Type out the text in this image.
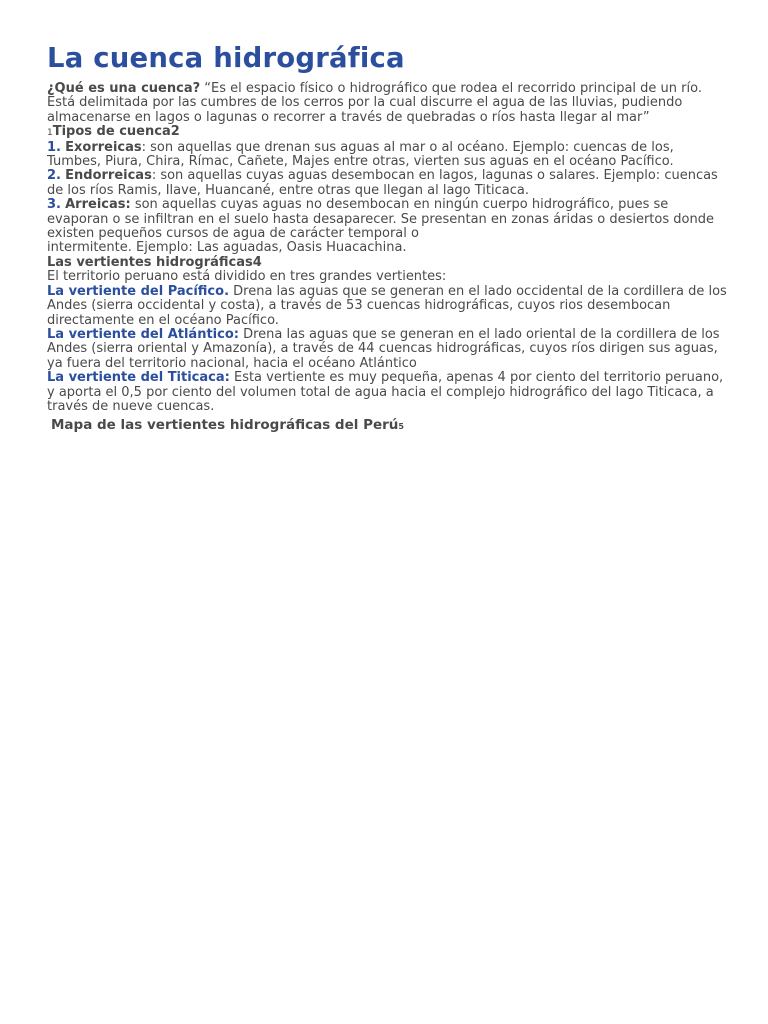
La cuenca hidrográfica

¿Qué es una cuenca? “Es el espacio físico o hidrográfico que rodea el recorrido principal de un río. Está delimitada por las cumbres de los cerros por la cual discurre el agua de las lluvias, pudiendo almacenarse en lagos o lagunas o recorrer a través de quebradas o ríos hasta llegar al mar”

1Tipos de cuenca2

1. Exorreicas: son aquellas que drenan sus aguas al mar o al océano. Ejemplo: cuencas de los, Tumbes, Piura, Chira, Rímac, Cañete, Majes entre otras, vierten sus aguas en el océano Pacífico.

2. Endorreicas: son aquellas cuyas aguas desembocan en lagos, lagunas o salares. Ejemplo: cuencas de los ríos Ramis, Ilave, Huancané, entre otras que llegan al lago Titicaca.

3. Arreicas: son aquellas cuyas aguas no desembocan en ningún cuerpo hidrográfico, pues se evaporan o se infiltran en el suelo hasta desaparecer. Se presentan en zonas áridas o desiertos donde existen pequeños cursos de agua de carácter temporal o

intermitente. Ejemplo: Las aguadas, Oasis Huacachina.

Las vertientes hidrográficas4

El territorio peruano está dividido en tres grandes vertientes:

La vertiente del Pacífico. Drena las aguas que se generan en el lado occidental de la cordillera de los Andes (sierra occidental y costa), a través de 53 cuencas hidrográficas, cuyos rios desembocan directamente en el océano Pacífico.

La vertiente del Atlántico: Drena las aguas que se generan en el lado oriental de la cordillera de los Andes (sierra oriental y Amazonía), a través de 44 cuencas hidrográficas, cuyos ríos dirigen sus aguas, ya fuera del territorio nacional, hacia el océano Atlántico

La vertiente del Titicaca: Esta vertiente es muy pequeña, apenas 4 por ciento del territorio peruano, y aporta el 0,5 por ciento del volumen total de agua hacia el complejo hidrográfico del lago Titicaca, a través de nueve cuencas.

Mapa de las vertientes hidrográficas del Perú5
